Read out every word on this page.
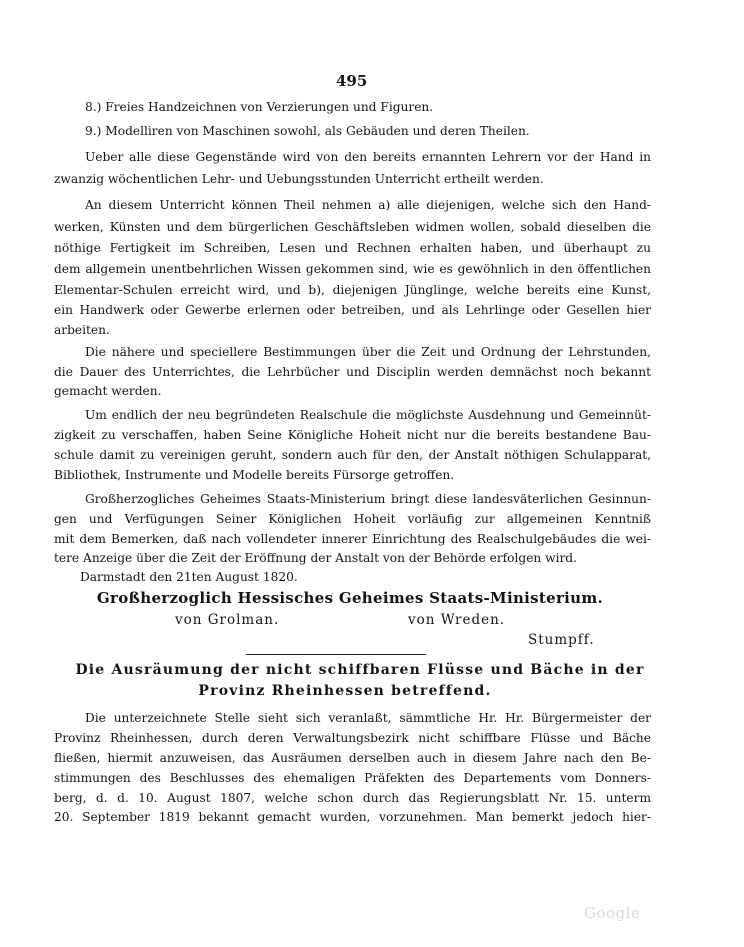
495
8.) Freies Handzeichnen von Verzierungen und Figuren.
9.) Modelliren von Maschinen sowohl, als Gebäuden und deren Theilen.
Ueber alle diese Gegenstände wird von den bereits ernannten Lehrern vor der Hand in
zwanzig wöchentlichen Lehr- und Uebungsstunden Unterricht ertheilt werden.
An diesem Unterricht können Theil nehmen a) alle diejenigen, welche sich den Hand-
werken, Künsten und dem bürgerlichen Geschäftsleben widmen wollen, sobald dieselben die
nöthige Fertigkeit im Schreiben, Lesen und Rechnen erhalten haben, und überhaupt zu
dem allgemein unentbehrlichen Wissen gekommen sind, wie es gewöhnlich in den öffentlichen
Elementar-Schulen erreicht wird, und b), diejenigen Jünglinge, welche bereits eine Kunst,
ein Handwerk oder Gewerbe erlernen oder betreiben, und als Lehrlinge oder Gesellen hier
arbeiten.
Die nähere und speciellere Bestimmungen über die Zeit und Ordnung der Lehrstunden,
die Dauer des Unterrichtes, die Lehrbücher und Disciplin werden demnächst noch bekannt
gemacht werden.
Um endlich der neu begründeten Realschule die möglichste Ausdehnung und Gemeinnüt-
zigkeit zu verschaffen, haben Seine Königliche Hoheit nicht nur die bereits bestandene Bau-
schule damit zu vereinigen geruht, sondern auch für den, der Anstalt nöthigen Schulapparat,
Bibliothek, Instrumente und Modelle bereits Fürsorge getroffen.
Großherzogliches Geheimes Staats-Ministerium bringt diese landesväterlichen Gesinnun-
gen und Verfügungen Seiner Königlichen Hoheit vorläufig zur allgemeinen Kenntniß
mit dem Bemerken, daß nach vollendeter innerer Einrichtung des Realschulgebäudes die wei-
tere Anzeige über die Zeit der Eröffnung der Anstalt von der Behörde erfolgen wird.
Darmstadt den 21ten August 1820.
Großherzoglich Hessisches Geheimes Staats-Ministerium.
von Grolman.	von Wreden.
Stumpff.
Die Ausräumung der nicht schiffbaren Flüsse und Bäche in der
Provinz Rheinhessen betreffend.
Die unterzeichnete Stelle sieht sich veranlaßt, sämmtliche Hr. Hr. Bürgermeister der
Provinz Rheinhessen, durch deren Verwaltungsbezirk nicht schiffbare Flüsse und Bäche
fließen, hiermit anzuweisen, das Ausräumen derselben auch in diesem Jahre nach den Be-
stimmungen des Beschlusses des ehemaligen Präfekten des Departements vom Donners-
berg, d. d. 10. August 1807, welche schon durch das Regierungsblatt Nr. 15. unterm
20. September 1819 bekannt gemacht wurden, vorzunehmen. Man bemerkt jedoch hier-
Google
